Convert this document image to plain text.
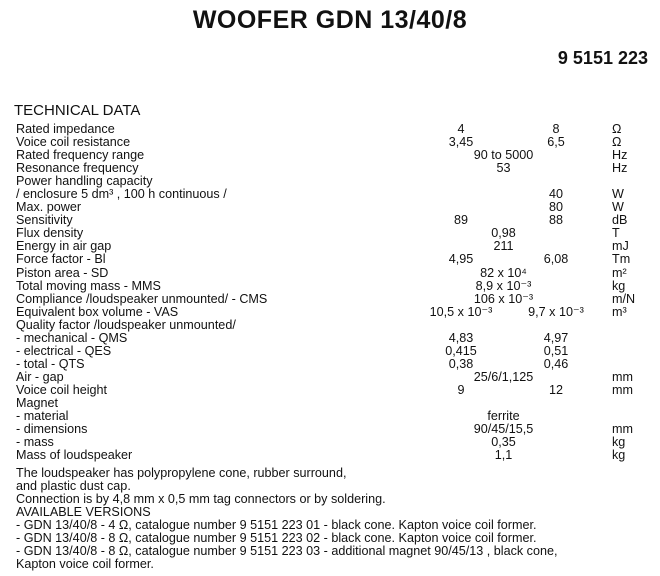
WOOFER GDN 13/40/8
9 5151 223
TECHNICAL DATA
Rated impedance	4	8	Ω
Voice coil resistance	3,45	6,5	Ω
Rated frequency range	90 to 5000	Hz
Resonance frequency	53	Hz
Power handling capacity
/ enclosure 5 dm³ , 100 h continuous /	40	W
Max. power	80	W
Sensitivity	89	88	dB
Flux density	0,98	T
Energy in air gap	211	mJ
Force factor - Bl	4,95	6,08	Tm
Piston area - SD	82 x 10⁴	m²
Total moving mass - MMS	8,9 x 10⁻³	kg
Compliance /loudspeaker unmounted/ - CMS	106 x 10⁻³	m/N
Equivalent box volume - VAS	10,5 x 10⁻³	9,7 x 10⁻³	m³
Quality factor /loudspeaker unmounted/
- mechanical - QMS	4,83	4,97
- electrical - QES	0,415	0,51
- total - QTS	0,38	0,46
Air - gap	25/6/1,125	mm
Voice coil height	9	12	mm
Magnet
- material	ferrite
- dimensions	90/45/15,5	mm
- mass	0,35	kg
Mass of loudspeaker	1,1	kg
The loudspeaker has polypropylene cone, rubber surround,
and plastic dust cap.
Connection is by 4,8 mm x 0,5 mm tag connectors or by soldering.
AVAILABLE VERSIONS
- GDN 13/40/8 - 4 Ω, catalogue number 9 5151 223 01 - black cone. Kapton voice coil former.
- GDN 13/40/8 - 8 Ω, catalogue number 9 5151 223 02 - black cone. Kapton voice coil former.
- GDN 13/40/8 - 8 Ω, catalogue number 9 5151 223 03 - additional magnet 90/45/13 , black cone,
Kapton voice coil former.
